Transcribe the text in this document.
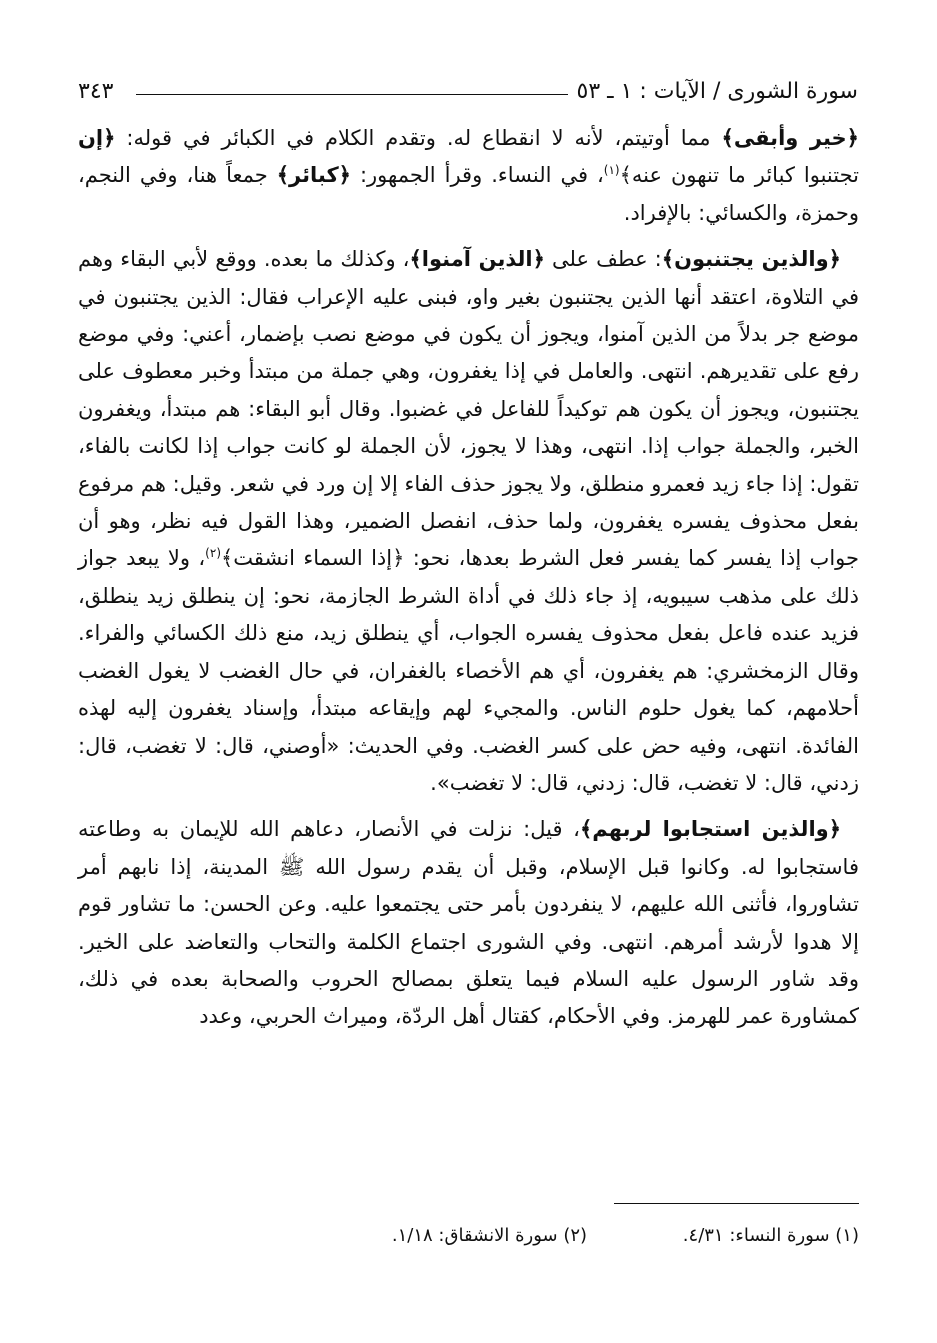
سورة الشورى / الآيات : ١ ـ ٥٣
٣٤٣

﴿خير وأبقى﴾ مما أوتيتم، لأنه لا انقطاع له. وتقدم الكلام في الكبائر في قوله: ﴿إن تجتنبوا كبائر ما تنهون عنه﴾$^{(١)}$، في النساء. وقرأ الجمهور: ﴿كبائر﴾ جمعاً هنا، وفي النجم، وحمزة، والكسائي: بالإفراد.

﴿والذين يجتنبون﴾: عطف على ﴿الذين آمنوا﴾، وكذلك ما بعده. ووقع لأبي البقاء وهم في التلاوة، اعتقد أنها الذين يجتنبون بغير واو، فبنى عليه الإعراب فقال: الذين يجتنبون في موضع جر بدلاً من الذين آمنوا، ويجوز أن يكون في موضع نصب بإضمار، أعني: وفي موضع رفع على تقديرهم. انتهى. والعامل في إذا يغفرون، وهي جملة من مبتدأ وخبر معطوف على يجتنبون، ويجوز أن يكون هم توكيداً للفاعل في غضبوا. وقال أبو البقاء: هم مبتدأ، ويغفرون الخبر، والجملة جواب إذا. انتهى، وهذا لا يجوز، لأن الجملة لو كانت جواب إذا لكانت بالفاء، تقول: إذا جاء زيد فعمرو منطلق، ولا يجوز حذف الفاء إلا إن ورد في شعر. وقيل: هم مرفوع بفعل محذوف يفسره يغفرون، ولما حذف، انفصل الضمير، وهذا القول فيه نظر، وهو أن جواب إذا يفسر كما يفسر فعل الشرط بعدها، نحو: ﴿إذا السماء انشقت﴾$^{(٢)}$، ولا يبعد جواز ذلك على مذهب سيبويه، إذ جاء ذلك في أداة الشرط الجازمة، نحو: إن ينطلق زيد ينطلق، فزيد عنده فاعل بفعل محذوف يفسره الجواب، أي ينطلق زيد، منع ذلك الكسائي والفراء. وقال الزمخشري: هم يغفرون، أي هم الأخصاء بالغفران، في حال الغضب لا يغول الغضب أحلامهم، كما يغول حلوم الناس. والمجيء لهم وإيقاعه مبتدأ، وإسناد يغفرون إليه لهذه الفائدة. انتهى، وفيه حض على كسر الغضب. وفي الحديث: «أوصني، قال: لا تغضب، قال: زدني، قال: لا تغضب، قال: زدني، قال: لا تغضب».

﴿والذين استجابوا لربهم﴾، قيل: نزلت في الأنصار، دعاهم الله للإيمان به وطاعته فاستجابوا له. وكانوا قبل الإسلام، وقبل أن يقدم رسول الله ﷺ المدينة، إذا نابهم أمر تشاوروا، فأثنى الله عليهم، لا ينفردون بأمر حتى يجتمعوا عليه. وعن الحسن: ما تشاور قوم إلا هدوا لأرشد أمرهم. انتهى. وفي الشورى اجتماع الكلمة والتحاب والتعاضد على الخير. وقد شاور الرسول عليه السلام فيما يتعلق بمصالح الحروب والصحابة بعده في ذلك، كمشاورة عمر للهرمز. وفي الأحكام، كقتال أهل الردّة، وميراث الحربي، وعدد

(١) سورة النساء: ٤/٣١. (٢) سورة الانشقاق: ١/١٨.
